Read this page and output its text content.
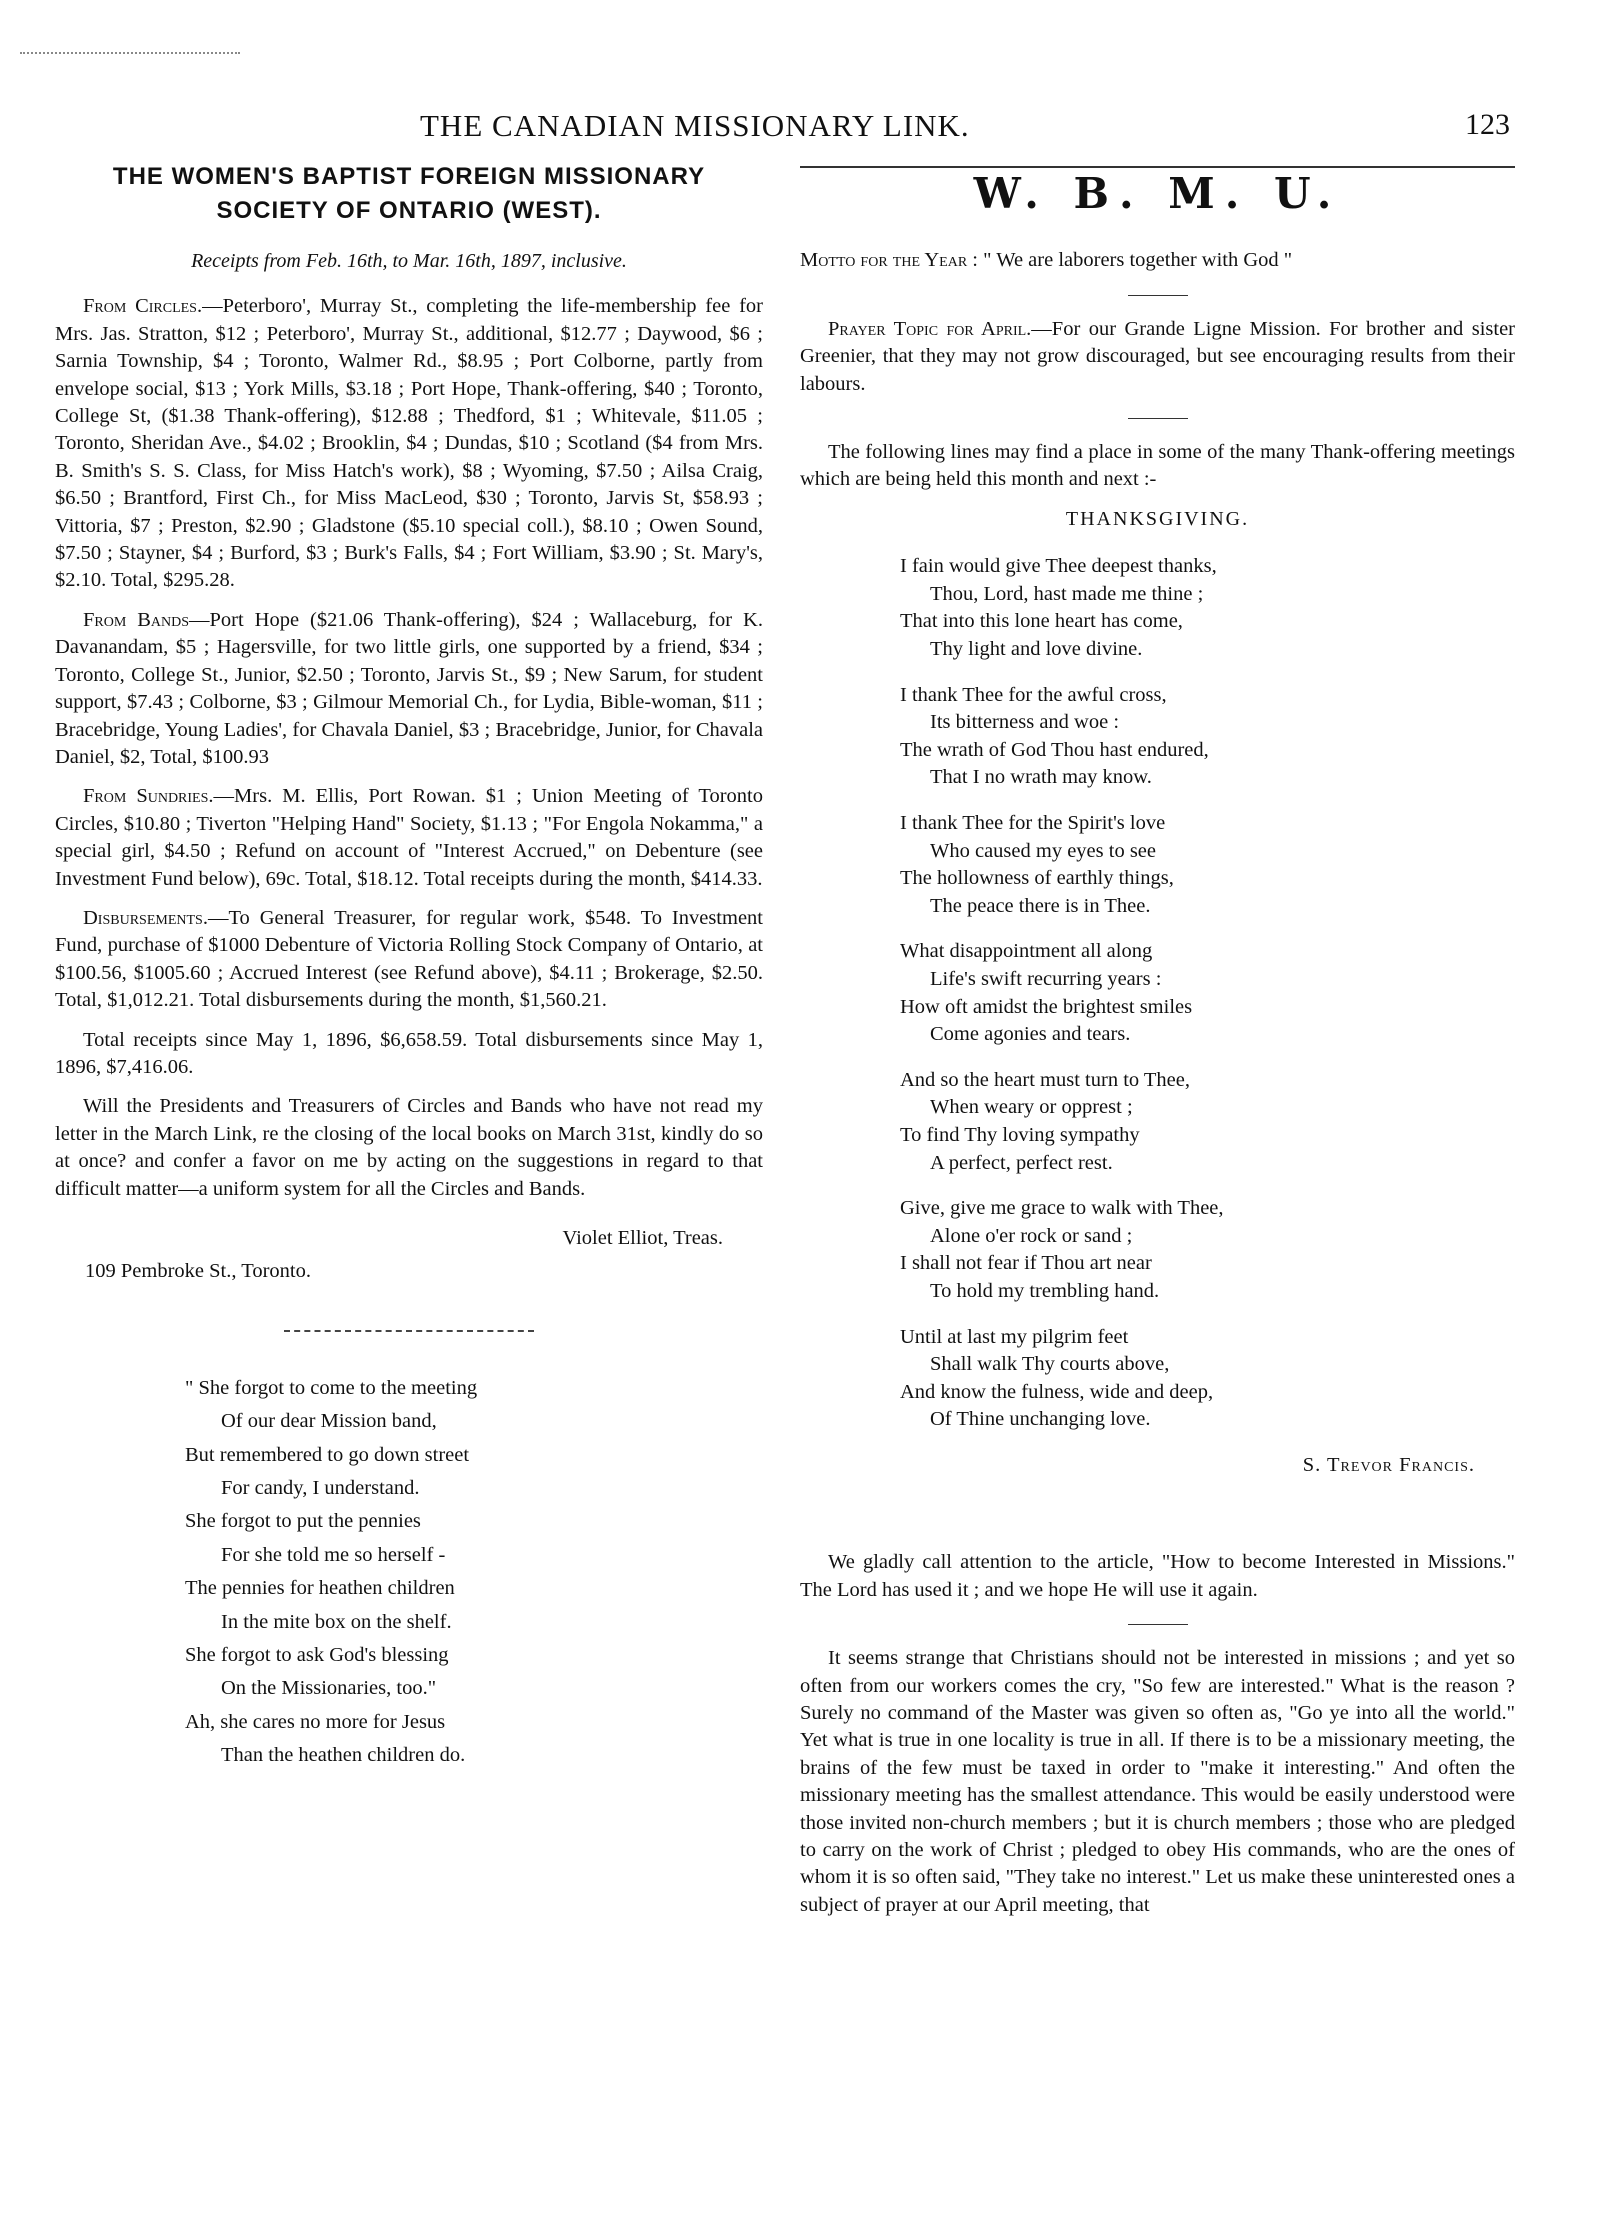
THE CANADIAN MISSIONARY LINK.	123
THE WOMEN'S BAPTIST FOREIGN MISSIONARY
SOCIETY OF ONTARIO (WEST).
Receipts from Feb. 16th, to Mar. 16th, 1897, inclusive.

From Circles.—Peterboro', Murray St., completing the life-membership fee for Mrs. Jas. Stratton, $12 ; Peterboro', Murray St., additional, $12.77 ; Daywood, $6 ; Sarnia Township, $4 ; Toronto, Walmer Rd., $8.95 ; Port Colborne, partly from envelope social, $13 ; York Mills, $3.18 ; Port Hope, Thank-offering, $40 ; Toronto, College St, ($1.38 Thank-offering), $12.88 ; Thedford, $1 ; Whitevale, $11.05 ; Toronto, Sheridan Ave., $4.02 ; Brooklin, $4 ; Dundas, $10 ; Scotland ($4 from Mrs. B. Smith's S. S. Class, for Miss Hatch's work), $8 ; Wyoming, $7.50 ; Ailsa Craig, $6.50 ; Brantford, First Ch., for Miss MacLeod, $30 ; Toronto, Jarvis St, $58.93 ; Vittoria, $7 ; Preston, $2.90 ; Gladstone ($5.10 special coll.), $8.10 ; Owen Sound, $7.50 ; Stayner, $4 ; Burford, $3 ; Burk's Falls, $4 ; Fort William, $3.90 ; St. Mary's, $2.10. Total, $295.28.

From Bands—Port Hope ($21.06 Thank-offering), $24 ; Wallaceburg, for K. Davanandam, $5 ; Hagersville, for two little girls, one supported by a friend, $34 ; Toronto, College St., Junior, $2.50 ; Toronto, Jarvis St., $9 ; New Sarum, for student support, $7.43 ; Colborne, $3 ; Gilmour Memorial Ch., for Lydia, Bible-woman, $11 ; Bracebridge, Young Ladies', for Chavala Daniel, $3 ; Bracebridge, Junior, for Chavala Daniel, $2, Total, $100.93

From Sundries.—Mrs. M. Ellis, Port Rowan. $1 ; Union Meeting of Toronto Circles, $10.80 ; Tiverton "Helping Hand" Society, $1.13 ; "For Engola Nokamma," a special girl, $4.50 ; Refund on account of "Interest Accrued," on Debenture (see Investment Fund below), 69c. Total, $18.12. Total receipts during the month, $414.33.

Disbursements.—To General Treasurer, for regular work, $548. To Investment Fund, purchase of $1000 Debenture of Victoria Rolling Stock Company of Ontario, at $100.56, $1005.60 ; Accrued Interest (see Refund above), $4.11 ; Brokerage, $2.50. Total, $1,012.21. Total disbursements during the month, $1,560.21.

Total receipts since May 1, 1896, $6,658.59. Total disbursements since May 1, 1896, $7,416.06.

Will the Presidents and Treasurers of Circles and Bands who have not read my letter in the March Link, re the closing of the local books on March 31st, kindly do so at once? and confer a favor on me by acting on the suggestions in regard to that difficult matter—a uniform system for all the Circles and Bands.

Violet Elliot, Treas.
109 Pembroke St., Toronto.
" She forgot to come to the meeting
Of our dear Mission band,
But remembered to go down street
For candy, I understand.
She forgot to put the pennies
For she told me so herself -
The pennies for heathen children
In the mite box on the shelf.
She forgot to ask God's blessing
On the Missionaries, too."
Ah, she cares no more for Jesus
Than the heathen children do.
W. B. M. U.

Motto for the Year : " We are laborers together with God "

Prayer Topic for April.—For our Grande Ligne Mission. For brother and sister Greenier, that they may not grow discouraged, but see encouraging results from their labours.

The following lines may find a place in some of the many Thank-offering meetings which are being held this month and next :-

THANKSGIVING.
I fain would give Thee deepest thanks,
Thou, Lord, hast made me thine ;
That into this lone heart has come,
Thy light and love divine.
I thank Thee for the awful cross,
Its bitterness and woe :
The wrath of God Thou hast endured,
That I no wrath may know.
I thank Thee for the Spirit's love
Who caused my eyes to see
The hollowness of earthly things,
The peace there is in Thee.
What disappointment all along
Life's swift recurring years :
How oft amidst the brightest smiles
Come agonies and tears.
And so the heart must turn to Thee,
When weary or opprest ;
To find Thy loving sympathy
A perfect, perfect rest.
Give, give me grace to walk with Thee,
Alone o'er rock or sand ;
I shall not fear if Thou art near
To hold my trembling hand.
Until at last my pilgrim feet
Shall walk Thy courts above,
And know the fulness, wide and deep,
Of Thine unchanging love.
S. Trevor Francis.

We gladly call attention to the article, "How to become Interested in Missions." The Lord has used it ; and we hope He will use it again.

It seems strange that Christians should not be interested in missions ; and yet so often from our workers comes the cry, "So few are interested." What is the reason ? Surely no command of the Master was given so often as, "Go ye into all the world." Yet what is true in one locality is true in all. If there is to be a missionary meeting, the brains of the few must be taxed in order to "make it interesting." And often the missionary meeting has the smallest attendance. This would be easily understood were those invited non-church members ; but it is church members ; those who are pledged to carry on the work of Christ ; pledged to obey His commands, who are the ones of whom it is so often said, "They take no interest." Let us make these uninterested ones a subject of prayer at our April meeting, that
